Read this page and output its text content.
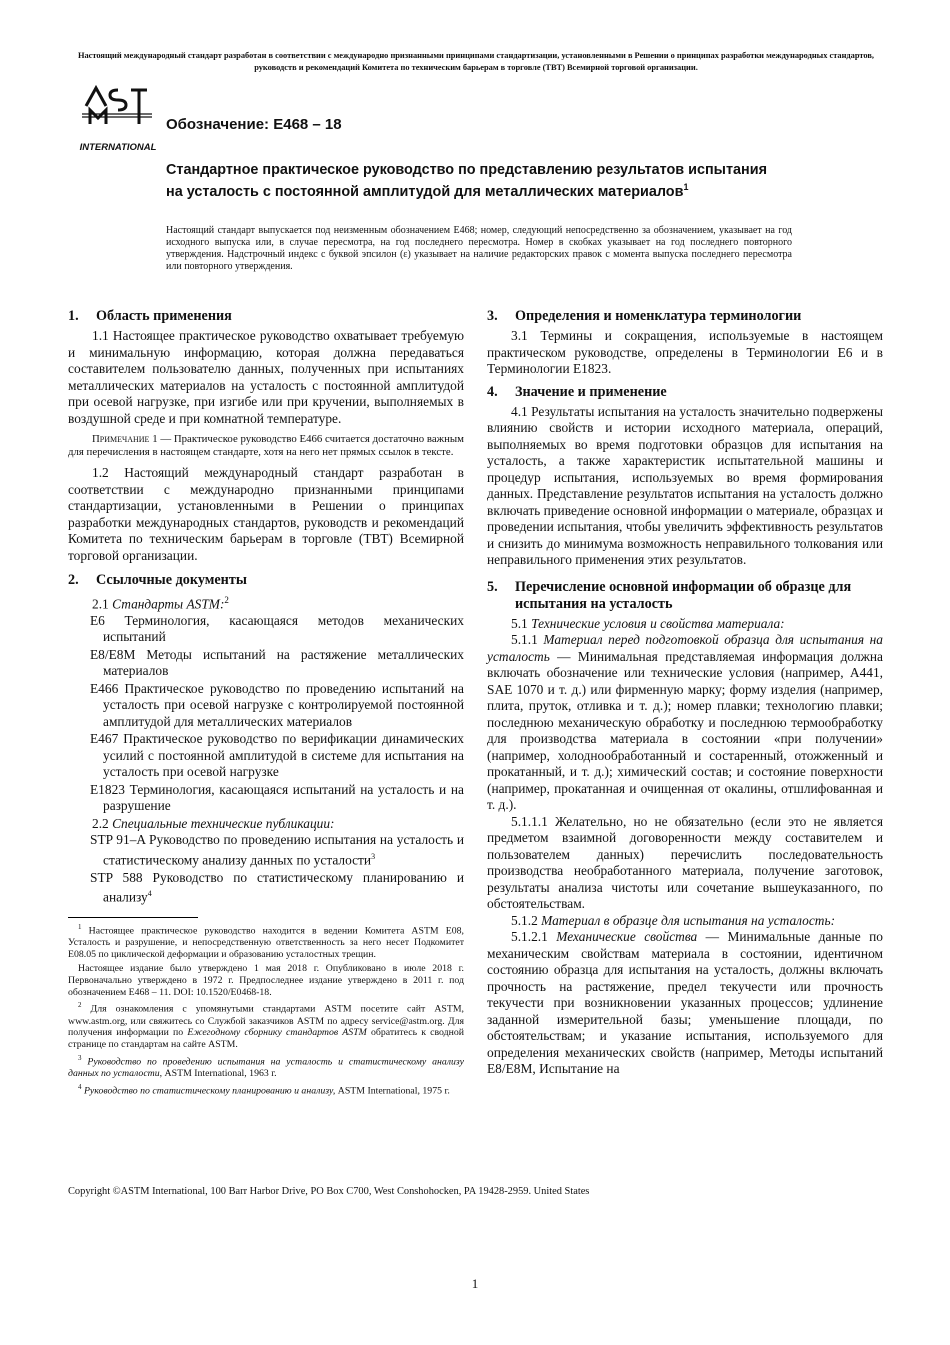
Настоящий международный стандарт разработан в соответствии с международно признанными принципами стандартизации, установленными в Решении о принципах разработки международных стандартов, руководств и рекомендаций Комитета по техническим барьерам в торговле (ТВТ) Всемирной торговой организации.
INTERNATIONAL
Обозначение: E468 – 18
Стандартное практическое руководство по представлению результатов испытания на усталость с постоянной амплитудой для металлических материалов$^1$
Настоящий стандарт выпускается под неизменным обозначением E468; номер, следующий непосредственно за обозначением, указывает на год исходного выпуска или, в случае пересмотра, на год последнего пересмотра. Номер в скобках указывает на год последнего повторного утверждения. Надстрочный индекс с буквой эпсилон (ε) указывает на наличие редакторских правок с момента выпуска последнего пересмотра или повторного утверждения.
1. Область применения

1.1 Настоящее практическое руководство охватывает требуемую и минимальную информацию, которая должна передаваться составителем пользователю данных, полученных при испытаниях металлических материалов на усталость с постоянной амплитудой при осевой нагрузке, при изгибе или при кручении, выполняемых в воздушной среде и при комнатной температуре.

Примечание 1 — Практическое руководство E466 считается достаточно важным для перечисления в настоящем стандарте, хотя на него нет прямых ссылок в тексте.

1.2 Настоящий международный стандарт разработан в соответствии с международно признанными принципами стандартизации, установленными в Решении о принципах разработки международных стандартов, руководств и рекомендаций Комитета по техническим барьерам в торговле (ТВТ) Всемирной торговой организации.

2. Ссылочные документы

2.1 Стандарты ASTM:$^2$

E6 Терминология, касающаяся методов механических испытаний
E8/E8M Методы испытаний на растяжение металлических материалов
E466 Практическое руководство по проведению испытаний на усталость при осевой нагрузке с контролируемой постоянной амплитудой для металлических материалов
E467 Практическое руководство по верификации динамических усилий с постоянной амплитудой в системе для испытания на усталость при осевой нагрузке
E1823 Терминология, касающаяся испытаний на усталость и на разрушение

2.2 Специальные технические публикации:

STP 91–A Руководство по проведению испытания на усталость и статистическому анализу данных по усталости$^3$
STP 588 Руководство по статистическому планированию и анализу$^4$
$^1$ Настоящее практическое руководство находится в ведении Комитета ASTM E08, Усталость и разрушение, и непосредственную ответственность за него несет Подкомитет E08.05 по циклической деформации и образованию усталостных трещин.
Настоящее издание было утверждено 1 мая 2018 г. Опубликовано в июле 2018 г. Первоначально утверждено в 1972 г. Предпоследнее издание утверждено в 2011 г. под обозначением E468 – 11. DOI: 10.1520/E0468-18.
$^2$ Для ознакомления с упомянутыми стандартами ASTM посетите сайт ASTM, www.astm.org, или свяжитесь со Службой заказчиков ASTM по адресу service@astm.org. Для получения информации по Ежегодному сборнику стандартов ASTM обратитесь к сводной странице по стандартам на сайте ASTM.
$^3$ Руководство по проведению испытания на усталость и статистическому анализу данных по усталости, ASTM International, 1963 г.
$^4$ Руководство по статистическому планированию и анализу, ASTM International, 1975 г.
3. Определения и номенклатура терминологии

3.1 Термины и сокращения, используемые в настоящем практическом руководстве, определены в Терминологии E6 и в Терминологии E1823.

4. Значение и применение

4.1 Результаты испытания на усталость значительно подвержены влиянию свойств и истории исходного материала, операций, выполняемых во время подготовки образцов для испытания на усталость, а также характеристик испытательной машины и процедур испытания, используемых во время формирования данных. Представление результатов испытания на усталость должно включать приведение основной информации о материале, образцах и проведении испытания, чтобы увеличить эффективность результатов и снизить до минимума возможность неправильного толкования или неправильного применения этих результатов.

5. Перечисление основной информации об образце для испытания на усталость

5.1 Технические условия и свойства материала:

5.1.1 Материал перед подготовкой образца для испытания на усталость — Минимальная представляемая информация должна включать обозначение или технические условия (например, A441, SAE 1070 и т. д.) или фирменную марку; форму изделия (например, плита, пруток, отливка и т. д.); номер плавки; технологию плавки; последнюю механическую обработку и последнюю термообработку для производства материала в состоянии «при получении» (например, холоднообработанный и состаренный, отожженный и прокатанный, и т. д.); химический состав; и состояние поверхности (например, прокатанная и очищенная от окалины, отшлифованная и т. д.).

5.1.1.1 Желательно, но не обязательно (если это не является предметом взаимной договоренности между составителем и пользователем данных) перечислить последовательность производства необработанного материала, получение заготовок, результаты анализа чистоты или сочетание вышеуказанного, по обстоятельствам.

5.1.2 Материал в образце для испытания на усталость:

5.1.2.1 Механические свойства — Минимальные данные по механическим свойствам материала в состоянии, идентичном состоянию образца для испытания на усталость, должны включать прочность на растяжение, предел текучести или прочность текучести при возникновении указанных процессов; удлинение заданной измерительной базы; уменьшение площади, по обстоятельствам; и указание испытания, используемого для определения механических свойств (например, Методы испытаний E8/E8M, Испытание на

Copyright ©ASTM International, 100 Barr Harbor Drive, PO Box C700, West Conshohocken, PA 19428-2959. United States
1
